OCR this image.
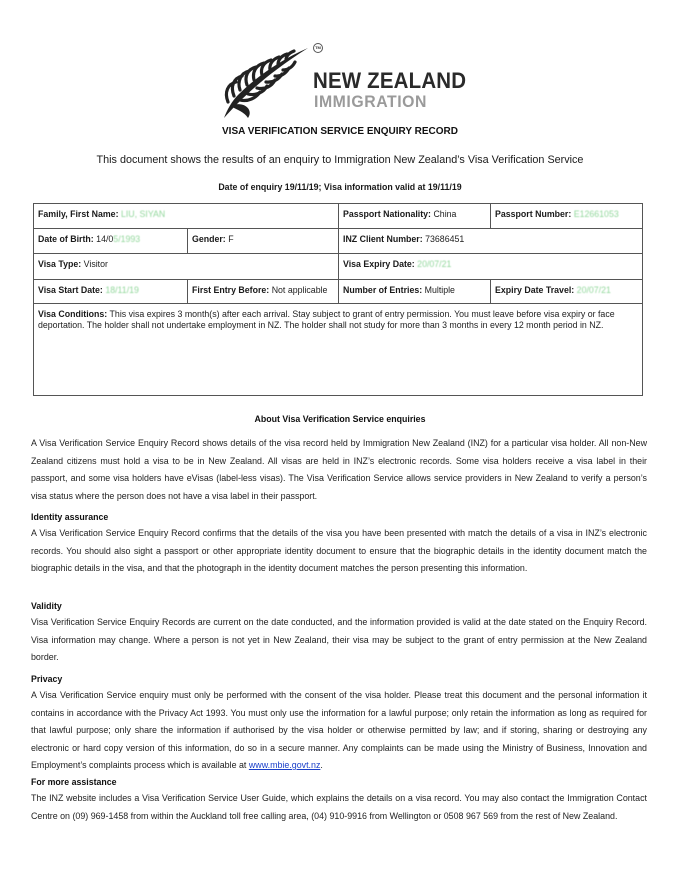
TM
NEW ZEALAND
IMMIGRATION
VISA VERIFICATION SERVICE ENQUIRY RECORD
This document shows the results of an enquiry to Immigration New Zealand’s Visa Verification Service
Date of enquiry 19/11/19; Visa information valid at 19/11/19
Family, First Name: LIU, SIYAN	Passport Nationality: China	Passport Number: E12661053
Date of Birth: 14/05/1993	Gender: F	INZ Client Number: 73686451
Visa Type: Visitor	Visa Expiry Date: 20/07/21
Visa Start Date: 18/11/19	First Entry Before: Not applicable	Number of Entries: Multiple	Expiry Date Travel: 20/07/21
Visa Conditions: This visa expires 3 month(s) after each arrival. Stay subject to grant of entry permission. You must leave before visa expiry or face deportation. The holder shall not undertake employment in NZ. The holder shall not study for more than 3 months in every 12 month period in NZ.
About Visa Verification Service enquiries

A Visa Verification Service Enquiry Record shows details of the visa record held by Immigration New Zealand (INZ) for a particular visa holder. All non-New Zealand citizens must hold a visa to be in New Zealand. All visas are held in INZ’s electronic records. Some visa holders receive a visa label in their passport, and some visa holders have eVisas (label-less visas). The Visa Verification Service allows service providers in New Zealand to verify a person’s visa status where the person does not have a visa label in their passport.

Identity assurance

A Visa Verification Service Enquiry Record confirms that the details of the visa you have been presented with match the details of a visa in INZ’s electronic records. You should also sight a passport or other appropriate identity document to ensure that the biographic details in the identity document match the biographic details in the visa, and that the photograph in the identity document matches the person presenting this information.

Validity

Visa Verification Service Enquiry Records are current on the date conducted, and the information provided is valid at the date stated on the Enquiry Record. Visa information may change. Where a person is not yet in New Zealand, their visa may be subject to the grant of entry permission at the New Zealand border.

Privacy

A Visa Verification Service enquiry must only be performed with the consent of the visa holder. Please treat this document and the personal information it contains in accordance with the Privacy Act 1993. You must only use the information for a lawful purpose; only retain the information as long as required for that lawful purpose; only share the information if authorised by the visa holder or otherwise permitted by law; and if storing, sharing or destroying any electronic or hard copy version of this information, do so in a secure manner. Any complaints can be made using the Ministry of Business, Innovation and Employment’s complaints process which is available at www.mbie.govt.nz.

For more assistance

The INZ website includes a Visa Verification Service User Guide, which explains the details on a visa record. You may also contact the Immigration Contact Centre on (09) 969-1458 from within the Auckland toll free calling area, (04) 910-9916 from Wellington or 0508 967 569 from the rest of New Zealand.
